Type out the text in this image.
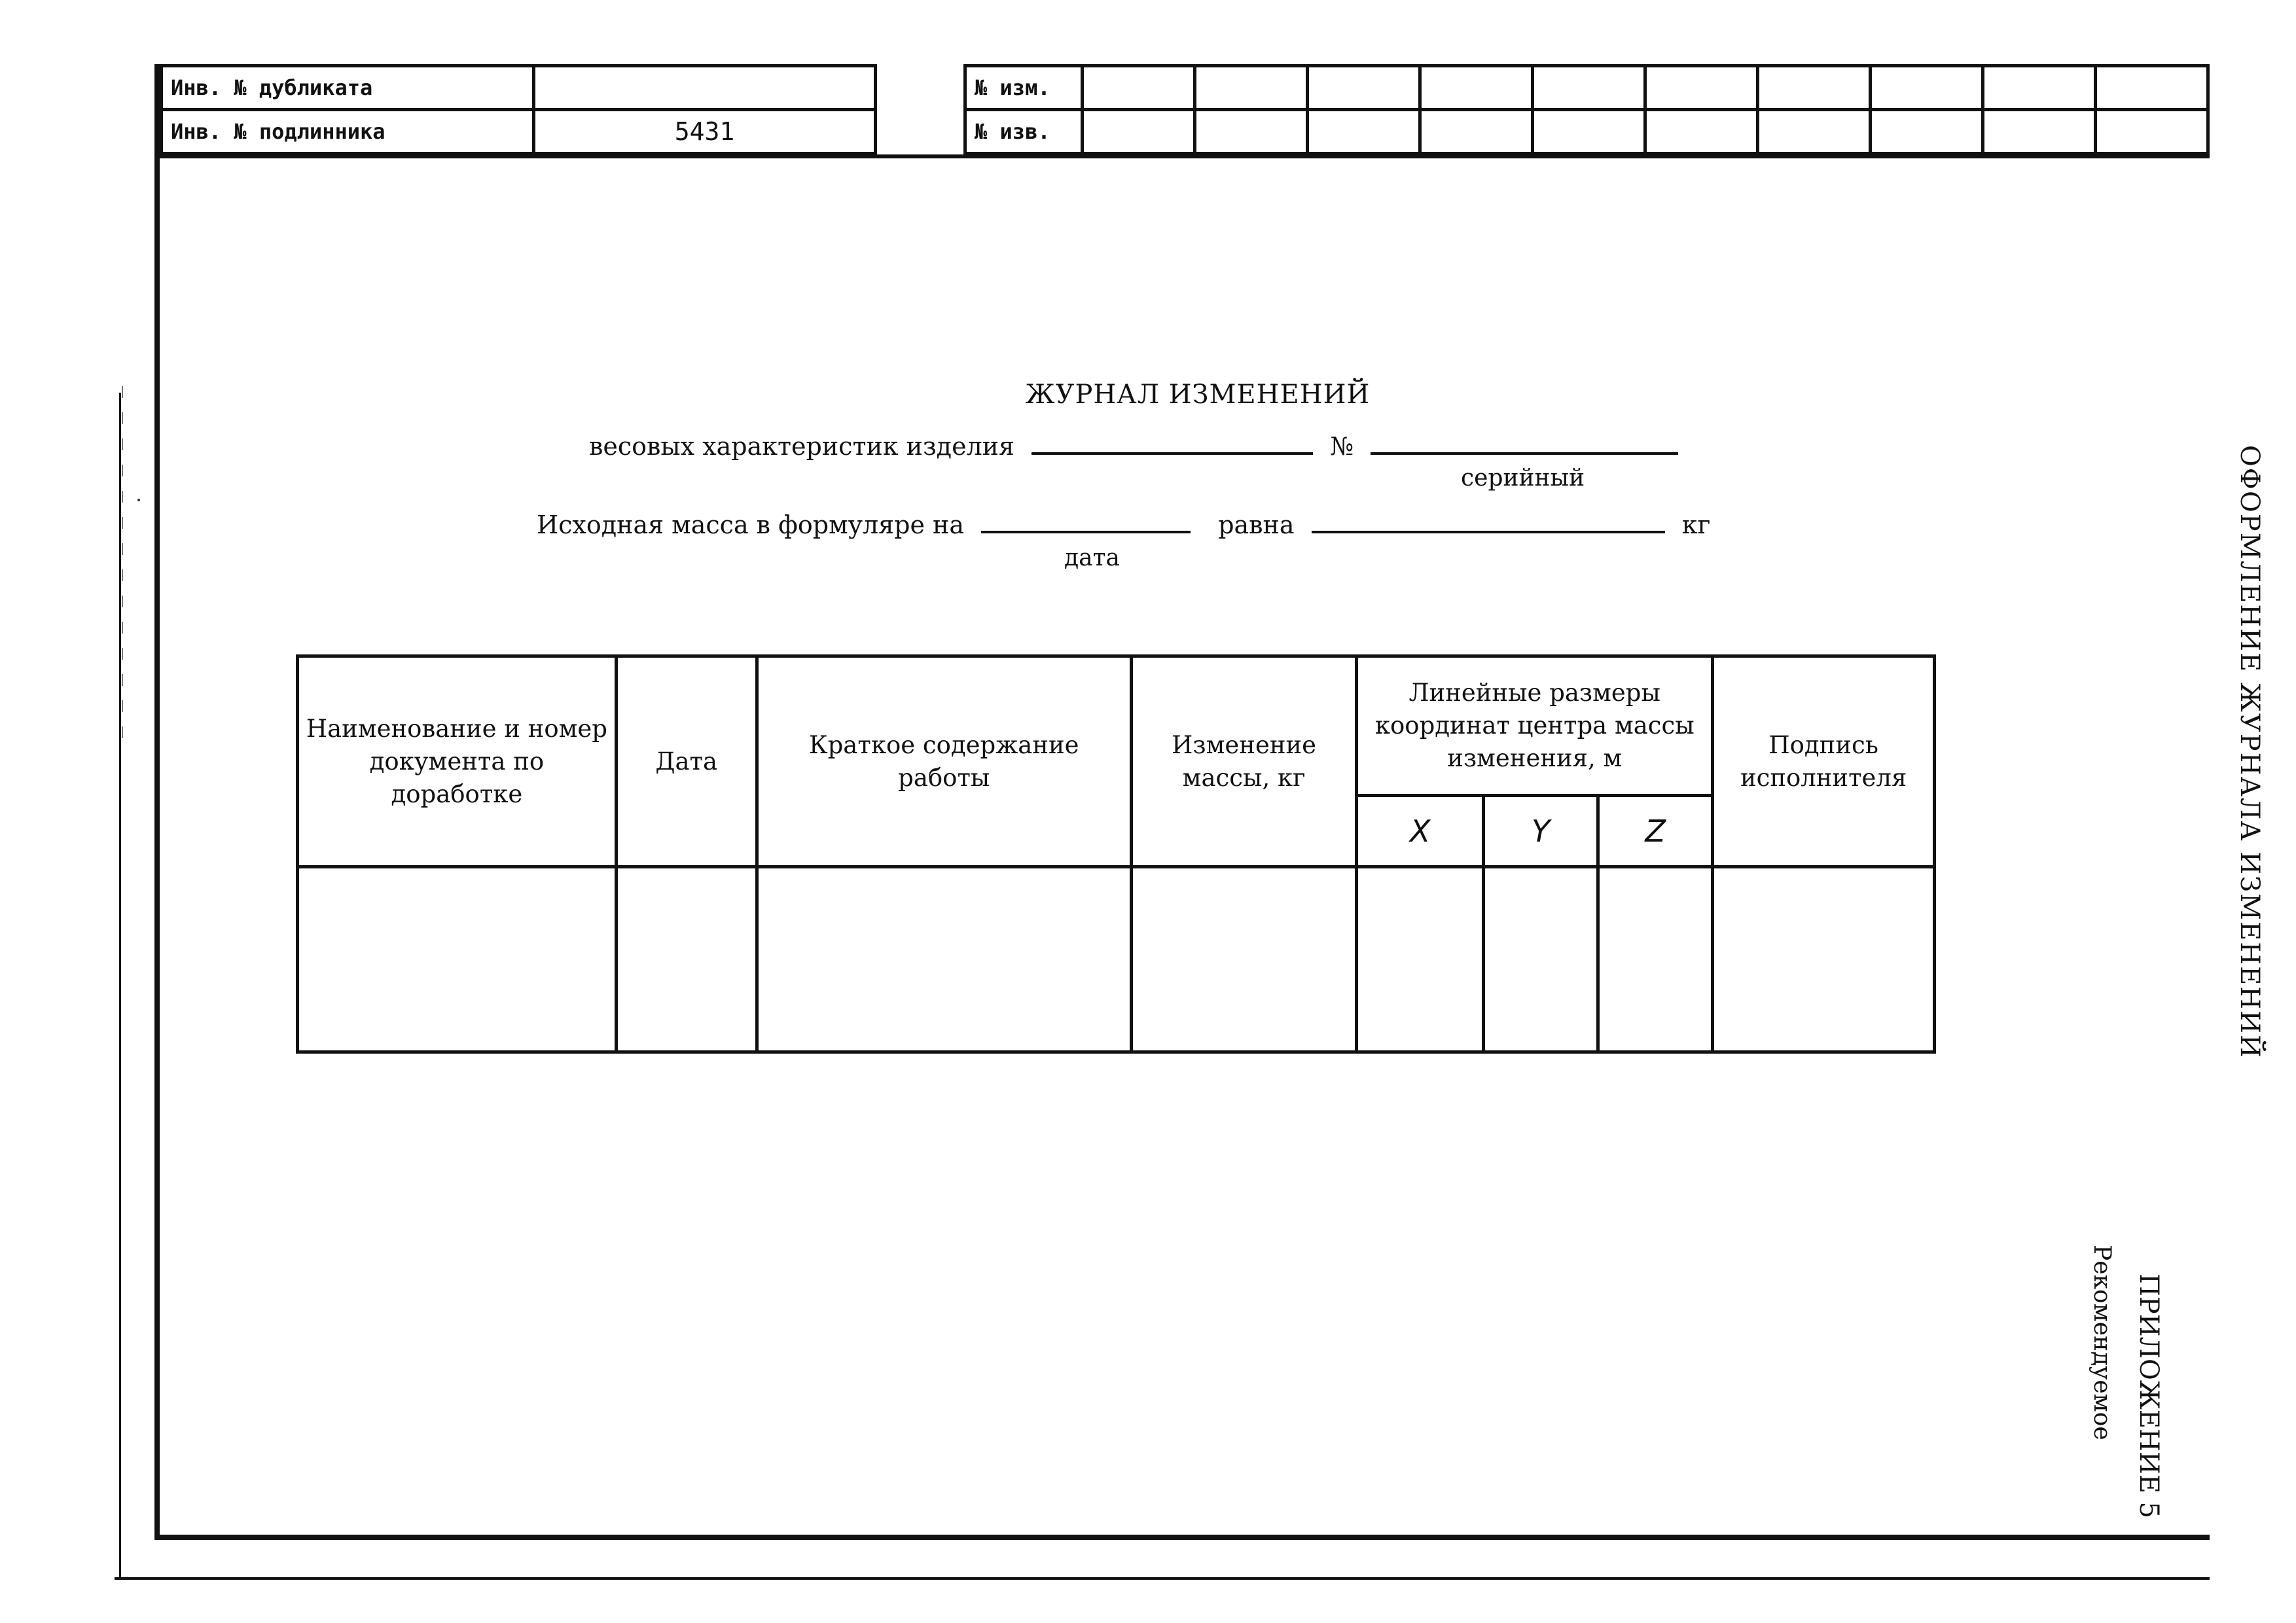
Инв. № дубликата	
Инв. № подлинника	5431
№ изм.										
№ изв.										
ЖУРНАЛ ИЗМЕНЕНИЙ
весовых характеристик изделия	№
серийный
Исходная масса в формуляре на	равна	кг
дата
Наименование и номер документа по доработке	Дата	Краткое содержание работы	Изменение массы, кг	Линейные размеры координат центра массы изменения, м			Подпись исполнителя
				X	Y	Z	
								ОФОРМЛЕНИЕ ЖУРНАЛА ИЗМЕНЕНИЙ
ПРИЛОЖЕНИЕ 5
Рекомендуемое
